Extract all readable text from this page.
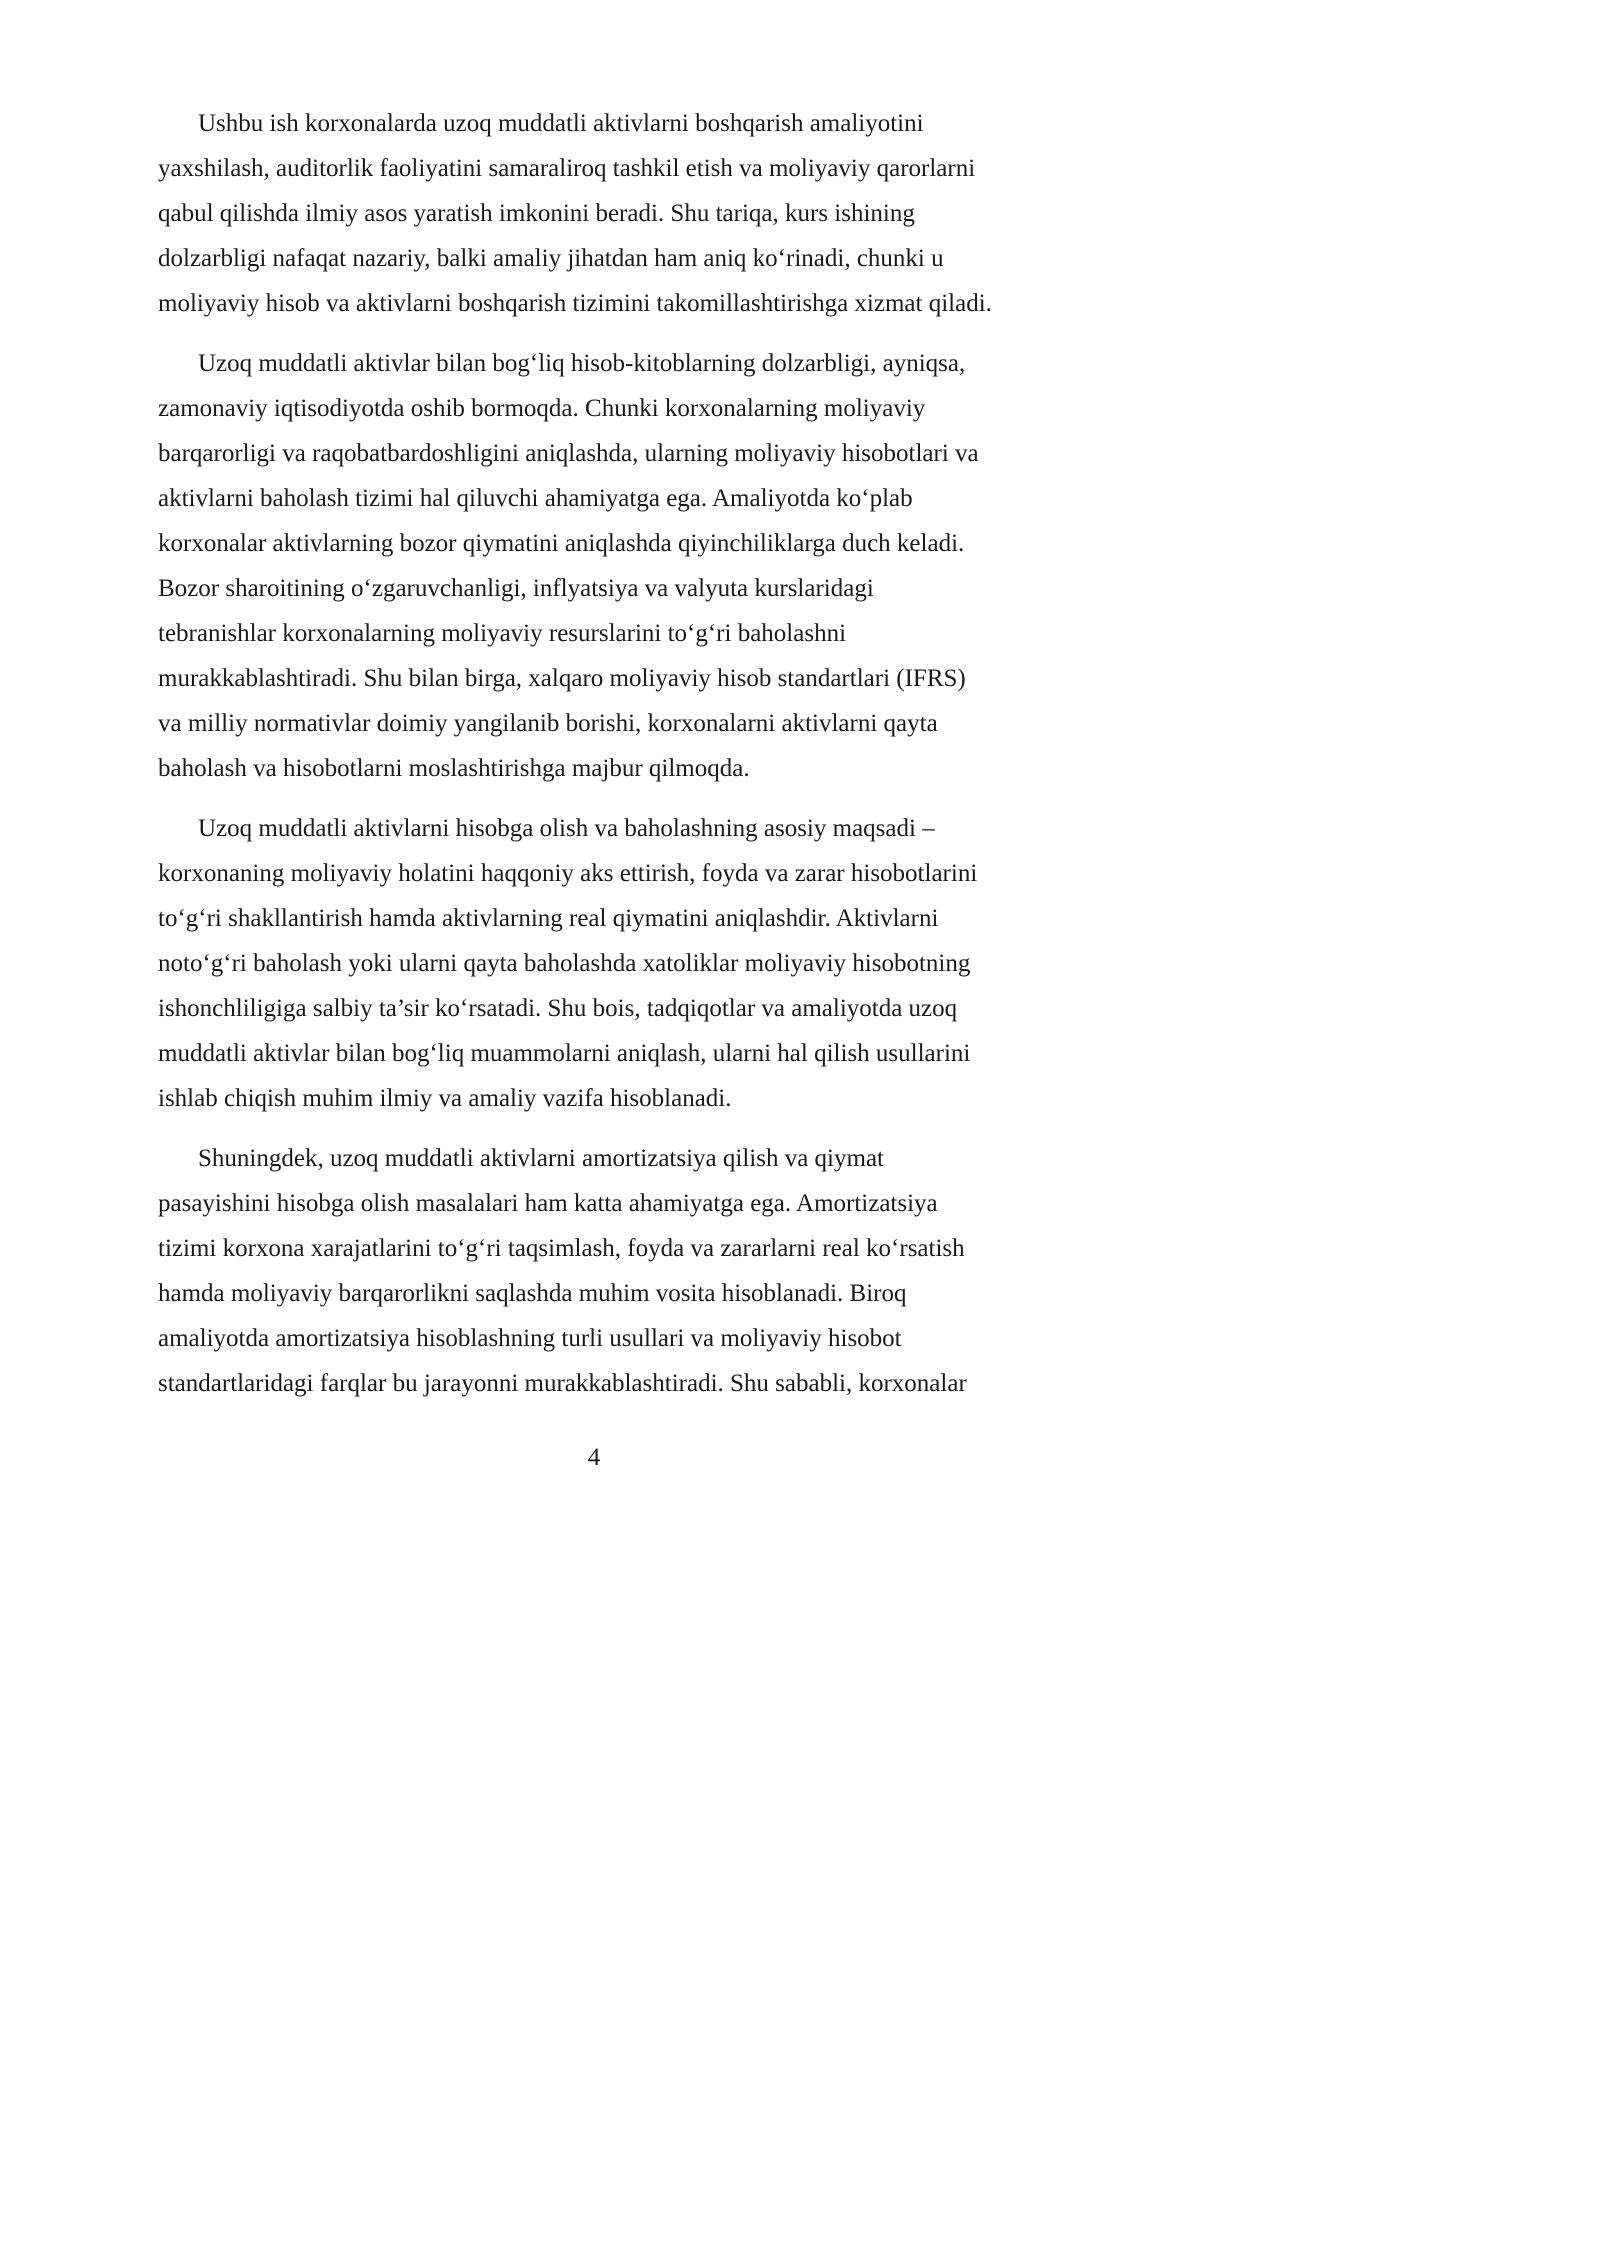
Ushbu ish korxonalarda uzoq muddatli aktivlarni boshqarish amaliyotini
yaxshilash, auditorlik faoliyatini samaraliroq tashkil etish va moliyaviy qarorlarni
qabul qilishda ilmiy asos yaratish imkonini beradi. Shu tariqa, kurs ishining
dolzarbligi nafaqat nazariy, balki amaliy jihatdan ham aniq ko‘rinadi, chunki u
moliyaviy hisob va aktivlarni boshqarish tizimini takomillashtirishga xizmat qiladi.

Uzoq muddatli aktivlar bilan bog‘liq hisob-kitoblarning dolzarbligi, ayniqsa,
zamonaviy iqtisodiyotda oshib bormoqda. Chunki korxonalarning moliyaviy
barqarorligi va raqobatbardoshligini aniqlashda, ularning moliyaviy hisobotlari va
aktivlarni baholash tizimi hal qiluvchi ahamiyatga ega. Amaliyotda ko‘plab
korxonalar aktivlarning bozor qiymatini aniqlashda qiyinchiliklarga duch keladi.
Bozor sharoitining o‘zgaruvchanligi, inflyatsiya va valyuta kurslaridagi
tebranishlar korxonalarning moliyaviy resurslarini to‘g‘ri baholashni
murakkablashtiradi. Shu bilan birga, xalqaro moliyaviy hisob standartlari (IFRS)
va milliy normativlar doimiy yangilanib borishi, korxonalarni aktivlarni qayta
baholash va hisobotlarni moslashtirishga majbur qilmoqda.

Uzoq muddatli aktivlarni hisobga olish va baholashning asosiy maqsadi –
korxonaning moliyaviy holatini haqqoniy aks ettirish, foyda va zarar hisobotlarini
to‘g‘ri shakllantirish hamda aktivlarning real qiymatini aniqlashdir. Aktivlarni
noto‘g‘ri baholash yoki ularni qayta baholashda xatoliklar moliyaviy hisobotning
ishonchliligiga salbiy ta’sir ko‘rsatadi. Shu bois, tadqiqotlar va amaliyotda uzoq
muddatli aktivlar bilan bog‘liq muammolarni aniqlash, ularni hal qilish usullarini
ishlab chiqish muhim ilmiy va amaliy vazifa hisoblanadi.

Shuningdek, uzoq muddatli aktivlarni amortizatsiya qilish va qiymat
pasayishini hisobga olish masalalari ham katta ahamiyatga ega. Amortizatsiya
tizimi korxona xarajatlarini to‘g‘ri taqsimlash, foyda va zararlarni real ko‘rsatish
hamda moliyaviy barqarorlikni saqlashda muhim vosita hisoblanadi. Biroq
amaliyotda amortizatsiya hisoblashning turli usullari va moliyaviy hisobot
standartlaridagi farqlar bu jarayonni murakkablashtiradi. Shu sababli, korxonalar

4
